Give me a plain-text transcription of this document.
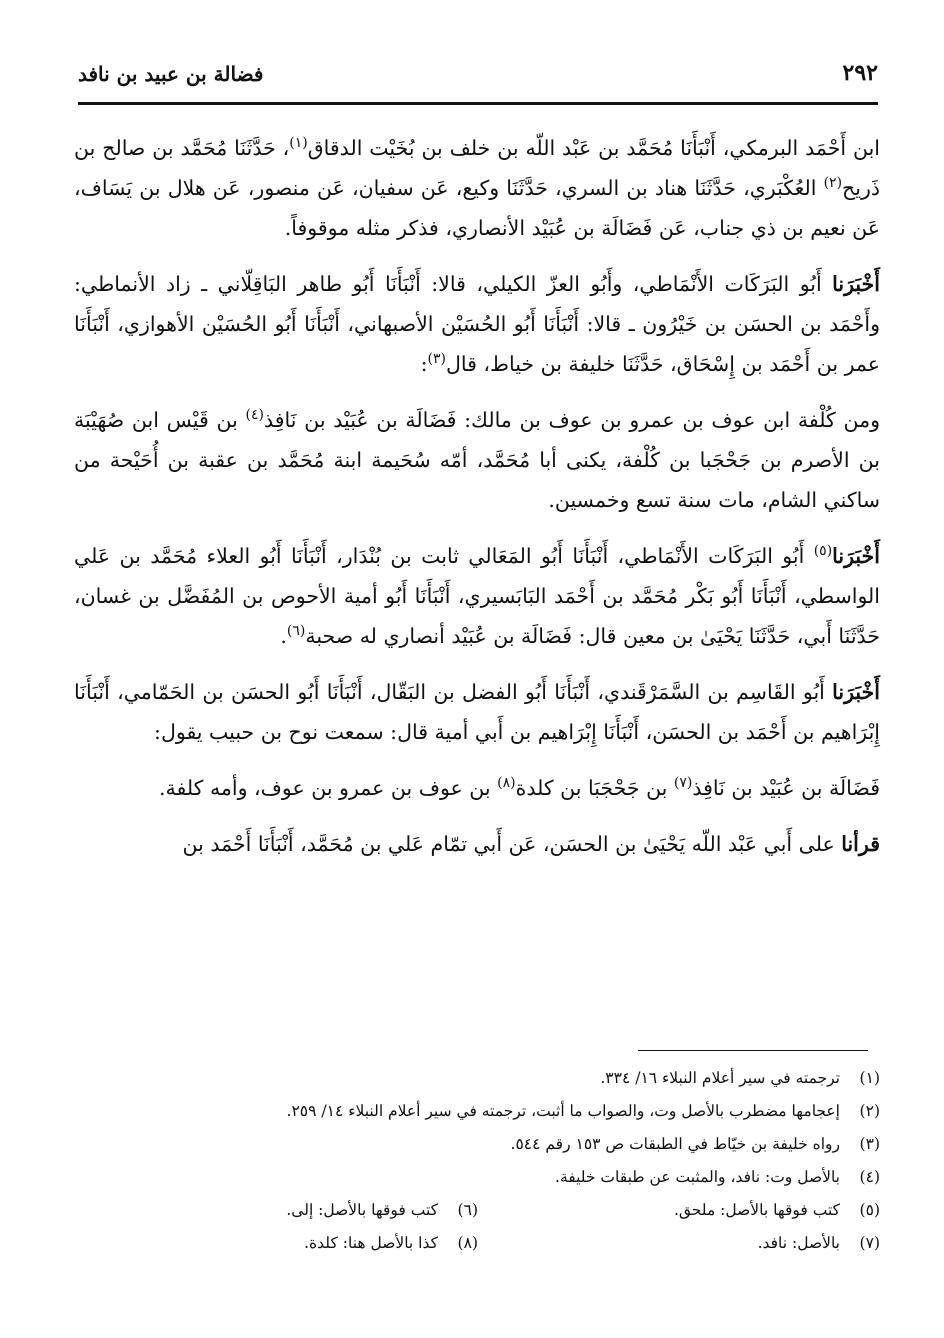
٢٩٢
فضالة بن عبيد بن نافد

ابن أَحْمَد البرمكي، أَنْبَأَنَا مُحَمَّد بن عَبْد اللّه بن خلف بن بُخَيْت الدقاق$^{(١)}$، حَدَّثَنَا مُحَمَّد بن صالح بن ذَريح$^{(٢)}$ العُكْبَري، حَدَّثَنَا هناد بن السري، حَدَّثَنَا وكيع، عَن سفيان، عَن منصور، عَن هلال بن يَسَاف، عَن نعيم بن ذي جناب، عَن فَضَالَة بن عُبَيْد الأنصاري، فذكر مثله موقوفاً.

أَخْبَرَنا أَبُو البَرَكَات الأَنْمَاطي، وأَبُو العزّ الكيلي، قالا: أَنْبَأَنَا أَبُو طاهر البَاقِلّاني ـ زاد الأنماطي: وأَحْمَد بن الحسَن بن خَيْرُون ـ قالا: أَنْبَأَنَا أَبُو الحُسَيْن الأصبهاني، أَنْبَأَنَا أَبُو الحُسَيْن الأهوازي، أَنْبَأَنَا عمر بن أَحْمَد بن إِسْحَاق، حَدَّثَنَا خليفة بن خياط، قال$^{(٣)}$:

ومن كُلْفة ابن عوف بن عمرو بن عوف بن مالك: فَضَالَة بن عُبَيْد بن نَافِذ$^{(٤)}$ بن قَيْس ابن صُهَيْبَة بن الأصرم بن جَحْجَبا بن كُلْفة، يكنى أبا مُحَمَّد، أمّه سُحَيمة ابنة مُحَمَّد بن عقبة بن أُحَيْحة من ساكني الشام، مات سنة تسع وخمسين.

أَخْبَرَنا$^{(٥)}$ أَبُو البَرَكَات الأَنْمَاطي، أَنْبَأَنَا أَبُو المَعَالي ثابت بن بُنْدَار، أَنْبَأَنَا أَبُو العلاء مُحَمَّد بن عَلي الواسطي، أَنْبَأَنَا أَبُو بَكْر مُحَمَّد بن أَحْمَد البَابَسيري، أَنْبَأَنَا أَبُو أمية الأحوص بن المُفَضَّل بن غسان، حَدَّثَنَا أَبي، حَدَّثَنَا يَحْيَىٰ بن معين قال: فَضَالَة بن عُبَيْد أنصاري له صحبة$^{(٦)}$.

أَخْبَرَنا أَبُو القَاسِم بن السَّمَرْقَندي، أَنْبَأَنَا أَبُو الفضل بن البَقّال، أَنْبَأَنَا أَبُو الحسَن بن الحَمّامي، أَنْبَأَنَا إِبْرَاهيم بن أَحْمَد بن الحسَن، أَنْبَأَنَا إِبْرَاهيم بن أَبي أمية قال: سمعت نوح بن حبيب يقول:

فَضَالَة بن عُبَيْد بن نَافِذ$^{(٧)}$ بن جَحْجَبَا بن كلدة$^{(٨)}$ بن عوف بن عمرو بن عوف، وأمه كلفة.

قرأنا على أَبي عَبْد اللّه يَحْيَىٰ بن الحسَن، عَن أَبي تمّام عَلي بن مُحَمَّد، أَنْبَأَنَا أَحْمَد بن

(١)
ترجمته في سير أعلام النبلاء ١٦/ ٣٣٤.
(٢)
إعجامها مضطرب بالأصل وت، والصواب ما أثبت، ترجمته في سير أعلام النبلاء ١٤/ ٢٥٩.
(٣)
رواه خليفة بن خيّاط في الطبقات ص ١٥٣ رقم ٥٤٤.
(٤)
بالأصل وت: نافد، والمثبت عن طبقات خليفة.
(٥)
كتب فوقها بالأصل: ملحق.
(٦)
كتب فوقها بالأصل: إلى.
(٧)
بالأصل: نافد.
(٨)
كذا بالأصل هنا: كلدة.
